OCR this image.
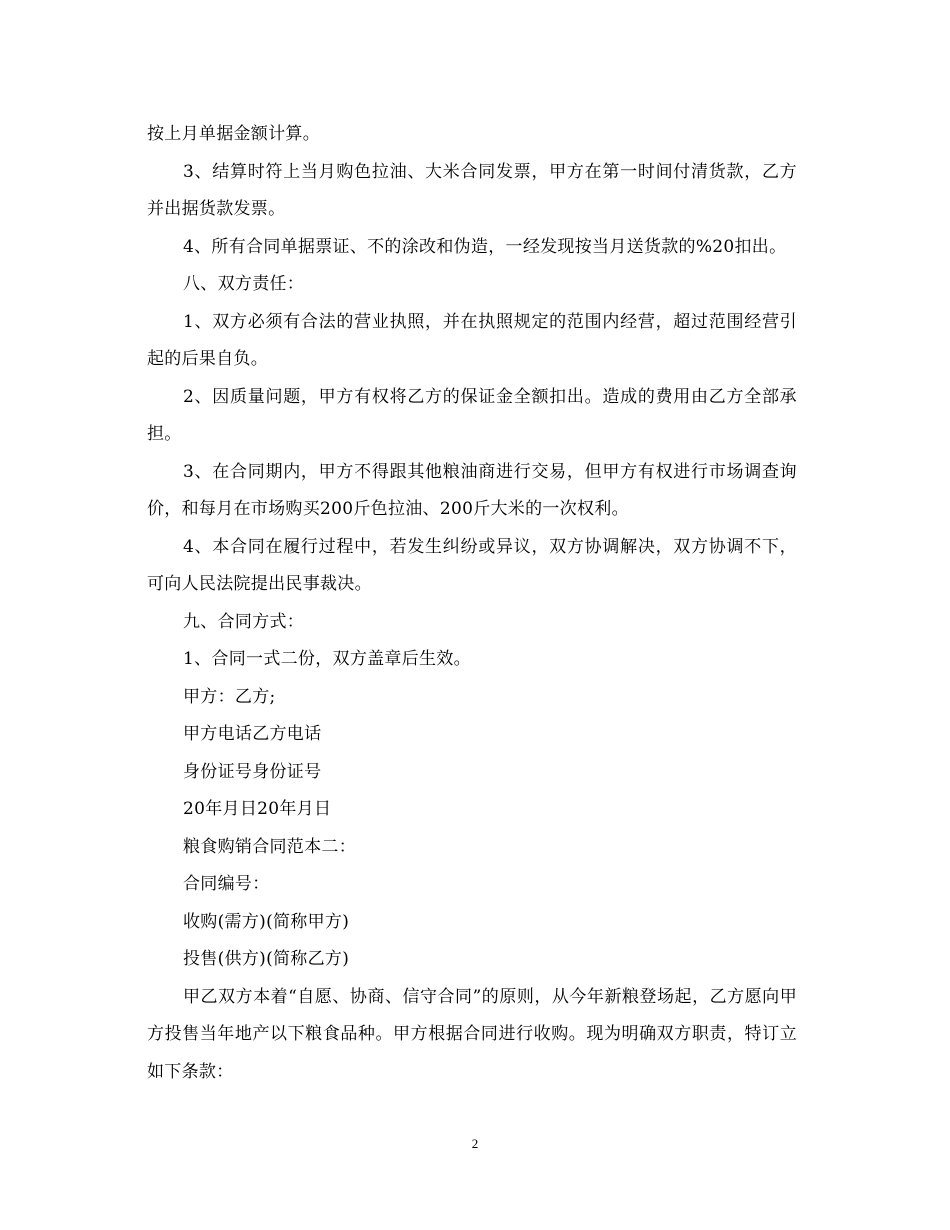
按上月单据金额计算。

3、结算时符上当月购色拉油、大米合同发票，甲方在第一时间付清货款，乙方并出据货款发票。

4、所有合同单据票证、不的涂改和伪造，一经发现按当月送货款的%20扣出。

八、双方责任：

1、双方必须有合法的营业执照，并在执照规定的范围内经营，超过范围经营引起的后果自负。

2、因质量问题，甲方有权将乙方的保证金全额扣出。造成的费用由乙方全部承担。

3、在合同期内，甲方不得跟其他粮油商进行交易，但甲方有权进行市场调查询价，和每月在市场购买200斤色拉油、200斤大米的一次权利。

4、本合同在履行过程中，若发生纠纷或异议，双方协调解决，双方协调不下，可向人民法院提出民事裁决。

九、合同方式：

1、合同一式二份，双方盖章后生效。

甲方：乙方;

甲方电话乙方电话

身份证号身份证号

20年月日20年月日

粮食购销合同范本二：

合同编号：

收购(需方)(简称甲方)

投售(供方)(简称乙方)

甲乙双方本着“自愿、协商、信守合同”的原则，从今年新粮登场起，乙方愿向甲方投售当年地产以下粮食品种。甲方根据合同进行收购。现为明确双方职责，特订立如下条款：

2
